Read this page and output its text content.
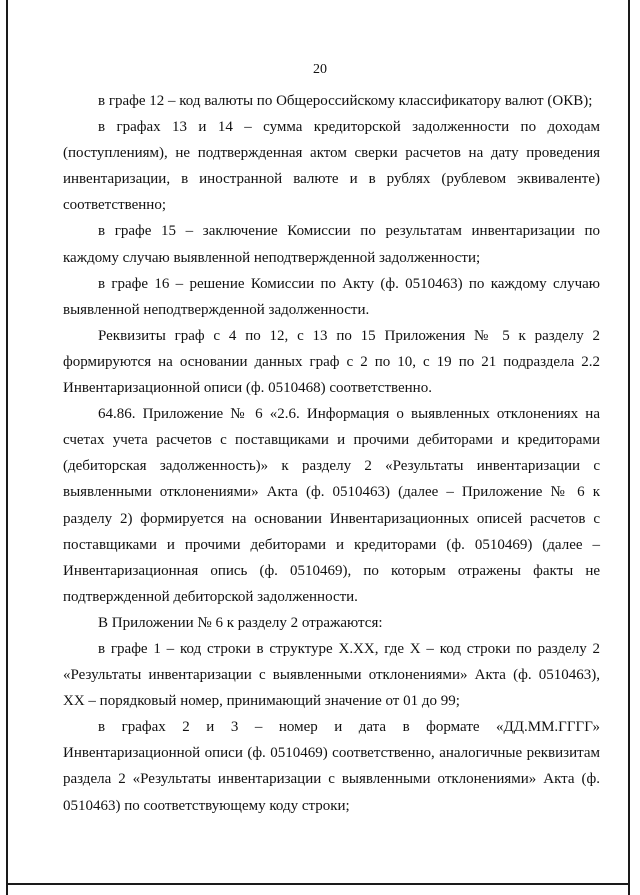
20

в графе 12 – код валюты по Общероссийскому классификатору валют (ОКВ);

в графах 13 и 14 – сумма кредиторской задолженности по доходам (поступлениям), не подтвержденная актом сверки расчетов на дату проведения инвентаризации, в иностранной валюте и в рублях (рублевом эквиваленте) соответственно;

в графе 15 – заключение Комиссии по результатам инвентаризации по каждому случаю выявленной неподтвержденной задолженности;

в графе 16 – решение Комиссии по Акту (ф. 0510463) по каждому случаю выявленной неподтвержденной задолженности.

Реквизиты граф с 4 по 12, с 13 по 15 Приложения № 5 к разделу 2 формируются на основании данных граф с 2 по 10, с 19 по 21 подраздела 2.2 Инвентаризационной описи (ф. 0510468) соответственно.

64.86. Приложение № 6 «2.6. Информация о выявленных отклонениях на счетах учета расчетов с поставщиками и прочими дебиторами и кредиторами (дебиторская задолженность)» к разделу 2 «Результаты инвентаризации с выявленными отклонениями» Акта (ф. 0510463) (далее – Приложение № 6 к разделу 2) формируется на основании Инвентаризационных описей расчетов с поставщиками и прочими дебиторами и кредиторами (ф. 0510469) (далее – Инвентаризационная опись (ф. 0510469), по которым отражены факты не подтвержденной дебиторской задолженности.

В Приложении № 6 к разделу 2 отражаются:

в графе 1 – код строки в структуре Х.ХХ, где Х – код строки по разделу 2 «Результаты инвентаризации с выявленными отклонениями» Акта (ф. 0510463), ХХ – порядковый номер, принимающий значение от 01 до 99;

в графах 2 и 3 – номер и дата в формате «ДД.ММ.ГГГГ» Инвентаризационной описи (ф. 0510469) соответственно, аналогичные реквизитам раздела 2 «Результаты инвентаризации с выявленными отклонениями» Акта (ф. 0510463) по соответствующему коду строки;
